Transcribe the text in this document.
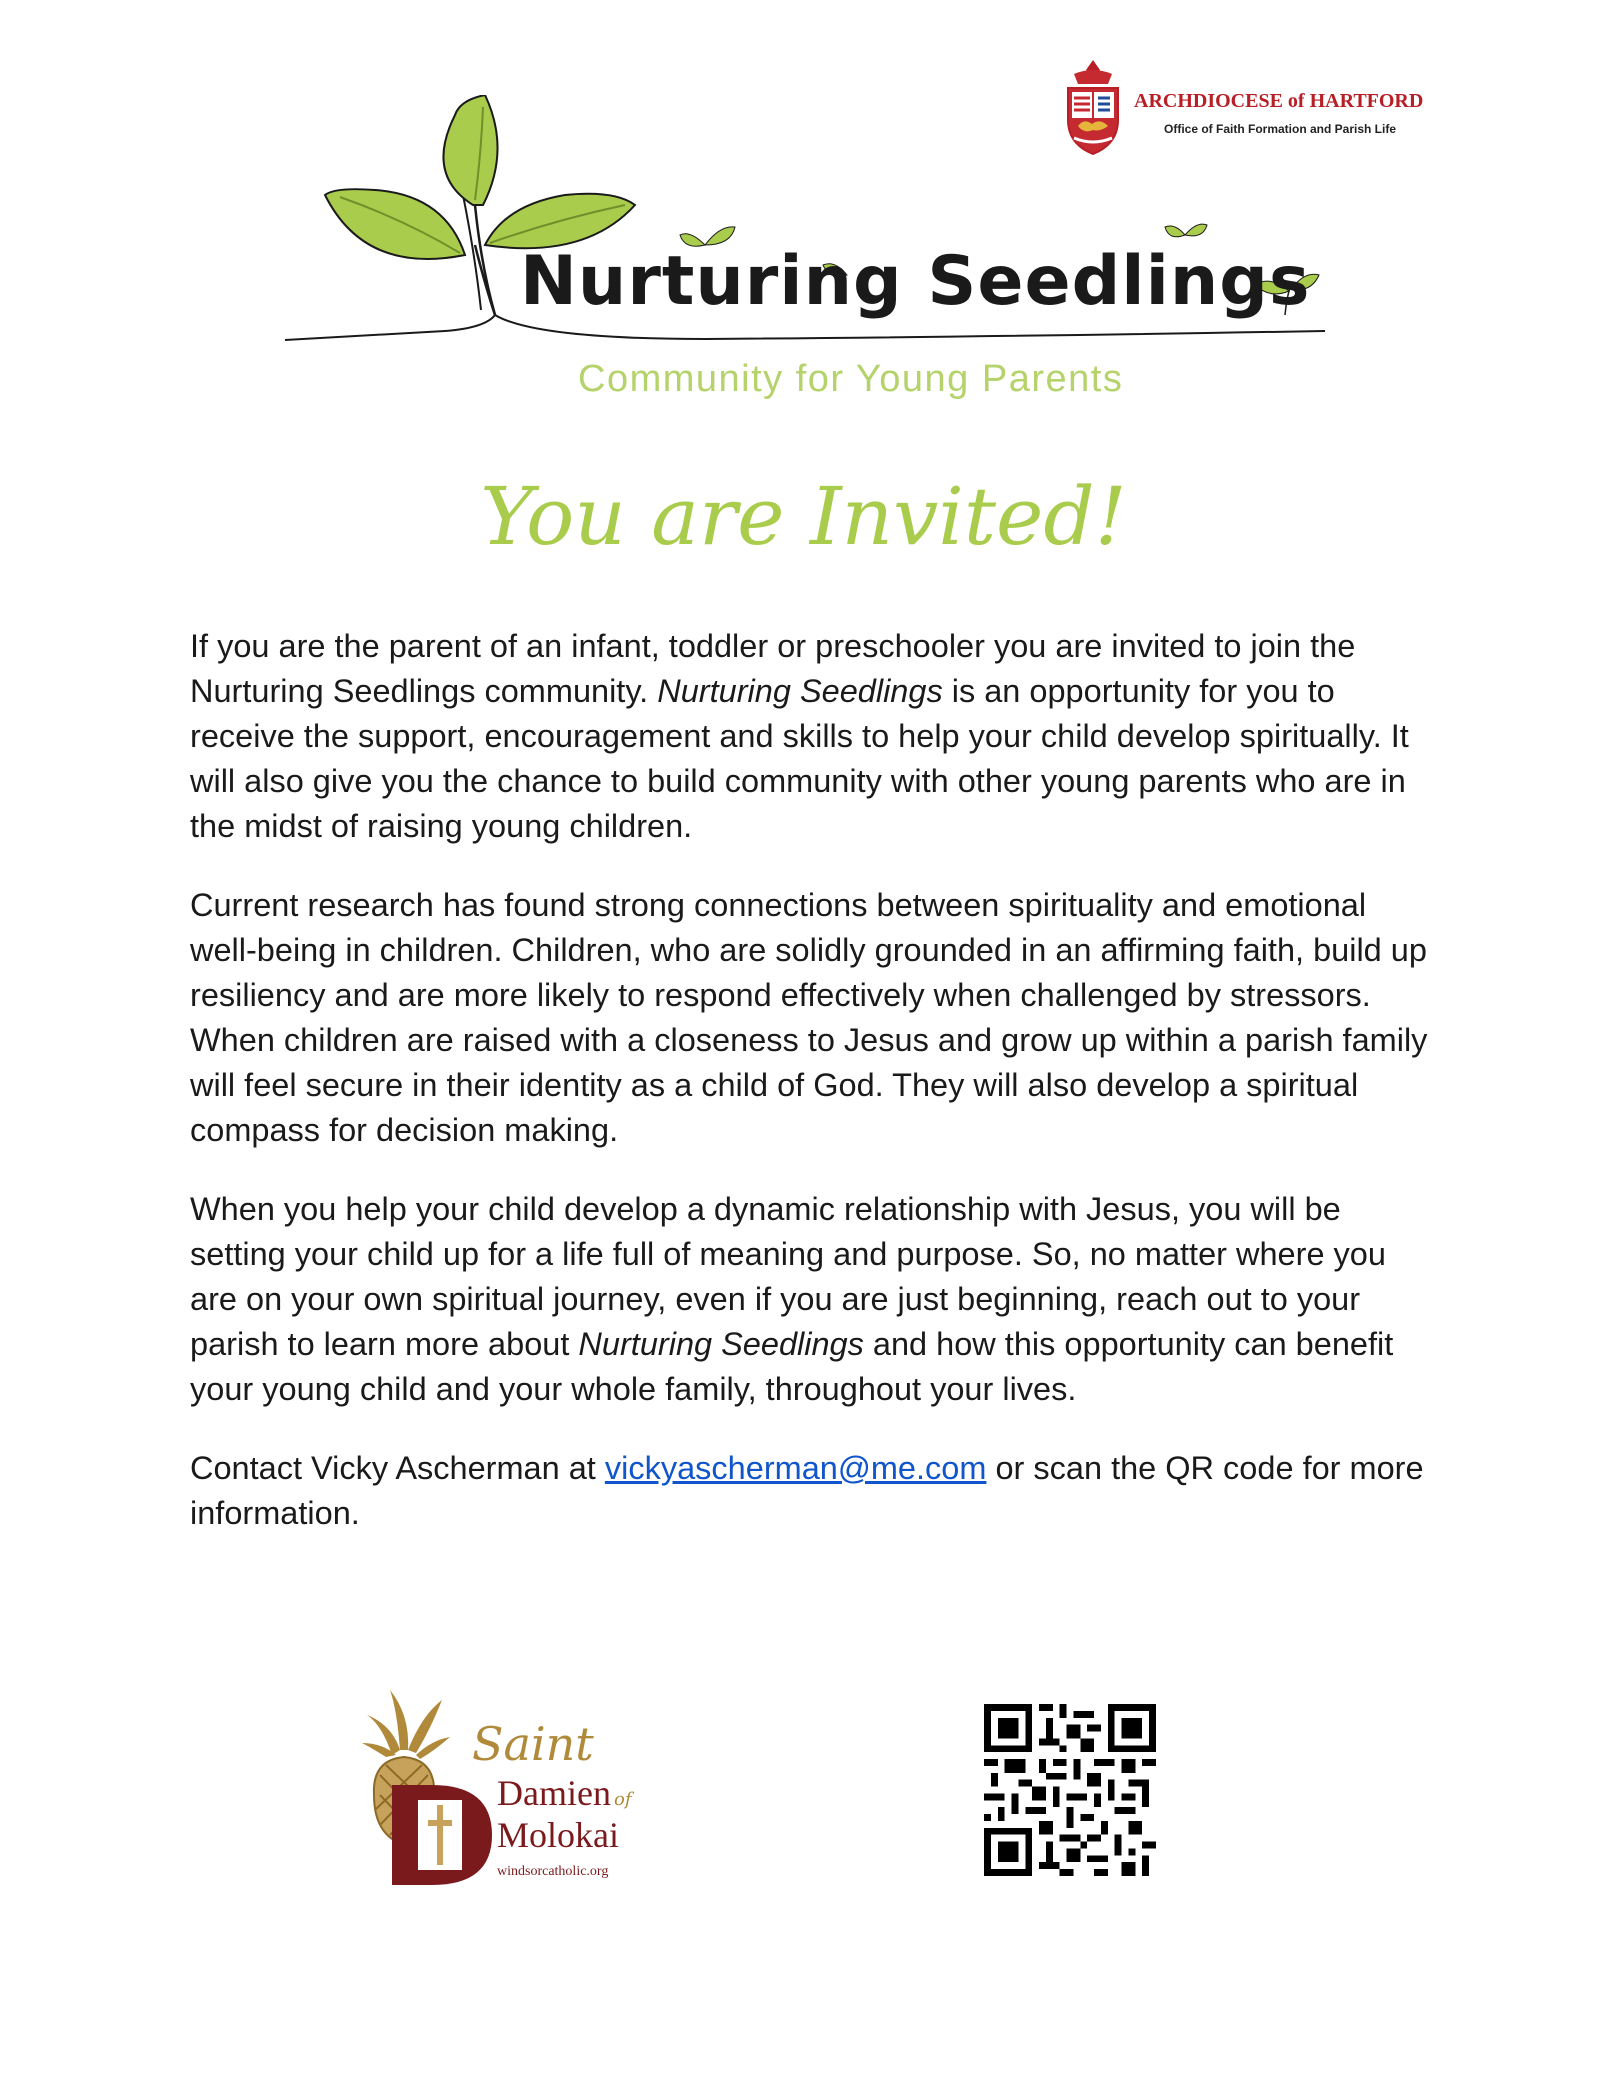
ARCHDIOCESE of HARTFORD
Office of Faith Formation and Parish Life
Nurturing Seedlings
Community for Young Parents
You are Invited!

If you are the parent of an infant, toddler or preschooler you are invited to join the Nurturing Seedlings community. Nurturing Seedlings is an opportunity for you to receive the support, encouragement and skills to help your child develop spiritually. It will also give you the chance to build community with other young parents who are in the midst of raising young children.

Current research has found strong connections between spirituality and emotional well-being in children. Children, who are solidly grounded in an affirming faith, build up resiliency and are more likely to respond effectively when challenged by stressors. When children are raised with a closeness to Jesus and grow up within a parish family will feel secure in their identity as a child of God. They will also develop a spiritual compass for decision making.

When you help your child develop a dynamic relationship with Jesus, you will be setting your child up for a life full of meaning and purpose. So, no matter where you are on your own spiritual journey, even if you are just beginning, reach out to your parish to learn more about Nurturing Seedlings and how this opportunity can benefit your young child and your whole family, throughout your lives.

Contact Vicky Ascherman at vickyascherman@me.com or scan the QR code for more information.

Saint
Damien of
Molokai
windsorcatholic.org
